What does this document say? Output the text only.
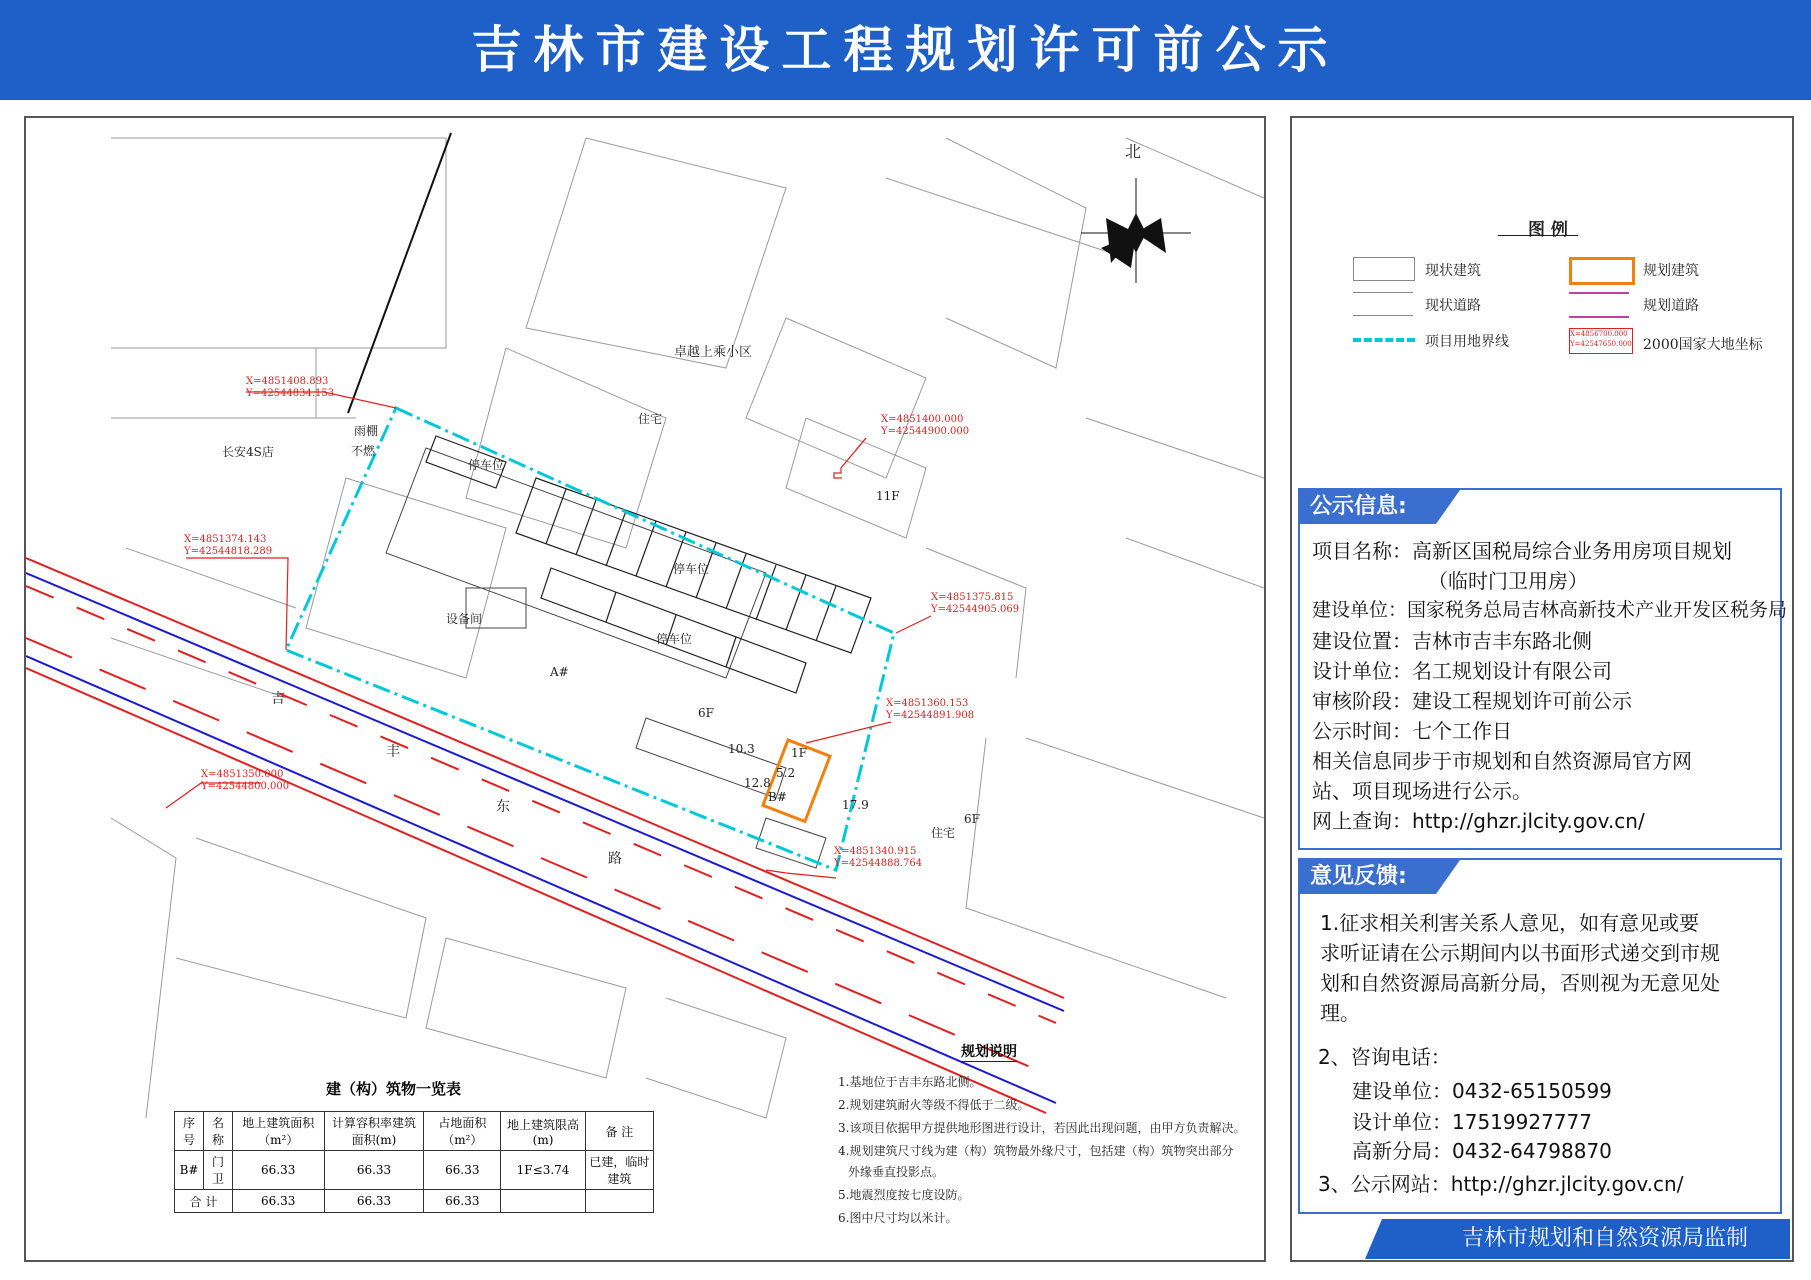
吉林市建设工程规划许可前公示
北
卓越上乘小区
住宅
住宅
长安4S店
雨棚
不燃
停车位
停车位
停车位
11F
6F
6F
1F
A#
B#
设备间
吉
丰
东
路
10.3
5.2
12.8
17.9
X=4851408.893
Y=42544834.153
X=4851400.000
Y=42544900.000
X=4851374.143
Y=42544818.289
X=4851375.815
Y=42544905.069
X=4851360.153
Y=42544891.908
X=4851350.000
Y=42544800.000
X=4851340.915
Y=42544888.764
建（构）筑物一览表
序号	名 称	地上建筑面积（m²）	计算容积率建筑面积(m)	占地面积（m²）	地上建筑限高(m)	备 注
B#	门 卫	66.33	66.33	66.33	1F≤3.74	已建，临时建筑
合 计		66.33	66.33	66.33		
规划说明
1.基地位于吉丰东路北侧。
2.规划建筑耐火等级不得低于二级。
3.该项目依据甲方提供地形图进行设计，若因此出现问题，由甲方负责解决。
4.规划建筑尺寸线为建（构）筑物最外缘尺寸，包括建（构）筑物突出部分
外缘垂直投影点。
5.地震烈度按七度设防。
6.图中尺寸均以米计。
图 例
现状建筑	规划建筑
现状道路	规划道路
项目用地界线	X=4856700.000
Y=42547650.000 2000国家大地坐标
公示信息:
项目名称：高新区国税局综合业务用房项目规划
（临时门卫用房）
建设单位：国家税务总局吉林高新技术产业开发区税务局
建设位置：吉林市吉丰东路北侧
设计单位：名工规划设计有限公司
审核阶段：建设工程规划许可前公示
公示时间：七个工作日
相关信息同步于市规划和自然资源局官方网
站、项目现场进行公示。
网上查询：http://ghzr.jlcity.gov.cn/
意见反馈:
1.征求相关利害关系人意见，如有意见或要
求听证请在公示期间内以书面形式递交到市规
划和自然资源局高新分局，否则视为无意见处
理。
2、咨询电话：
建设单位：0432-65150599
设计单位：17519927777
高新分局：0432-64798870
3、公示网站：http://ghzr.jlcity.gov.cn/
吉林市规划和自然资源局监制
